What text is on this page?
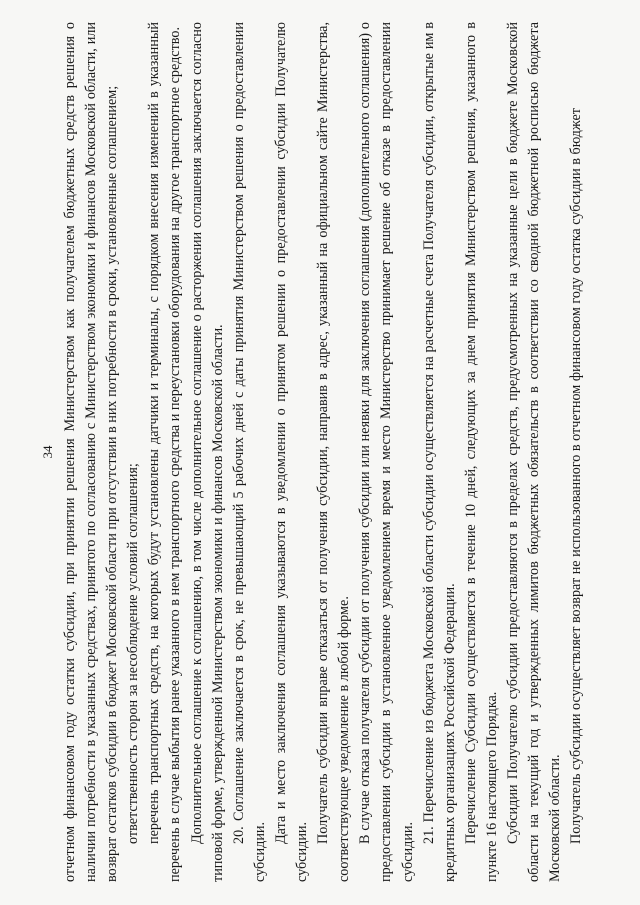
34 отчетном финансовом году остатки субсидии, при принятии решения Министерством как получателем бюджетных средств решения о наличии потребности в указанных средствах, принятого по согласованию с Министерством экономики и финансов Московской области, или возврат остатков субсидии в бюджет Московской области при отсутствии в них потребности в сроки, установленные соглашением; ответственность сторон за несоблюдение условий соглашения; перечень транспортных средств, на которых будут установлены датчики и терминалы, с порядком внесения изменений в указанный перечень в случае выбытия ранее указанного в нем транспортного средства и переустановки оборудования на другое транспортное средство. Дополнительное соглашение к соглашению, в том числе дополнительное соглашение о расторжении соглашения заключается согласно типовой форме, утвержденной Министерством экономики и финансов Московской области. 20. Соглашение заключается в срок, не превышающий 5 рабочих дней с даты принятия Министерством решения о предоставлении субсидии.

Дата и место заключения соглашения указываются в уведомлении о принятом решении о предоставлении субсидии Получателю субсидии.

Получатель субсидии вправе отказаться от получения субсидии, направив в адрес, указанный на официальном сайте Министерства, соответствующее уведомление в любой форме. В случае отказа получателя субсидии от получения субсидии или неявки для заключения соглашения (дополнительного соглашения) о предоставлении субсидии в установленное уведомлением время и место Министерство принимает решение об отказе в предоставлении субсидии.

21. Перечисление из бюджета Московской области субсидии осуществляется на расчетные счета Получателя субсидии, открытые им в кредитных организациях Российской Федерации. Перечисление Субсидии осуществляется в течение 10 дней, следующих за днем принятия Министерством решения, указанного в пункте 16 настоящего Порядка. Субсидии Получателю субсидии предоставляются в пределах средств, предусмотренных на указанные цели в бюджете Московской области на текущий год и утвержденных лимитов бюджетных обязательств в соответствии со сводной бюджетной росписью бюджета Московской области. Получатель субсидии осуществляет возврат не использованного в отчетном финансовом году остатка субсидии в бюджет
